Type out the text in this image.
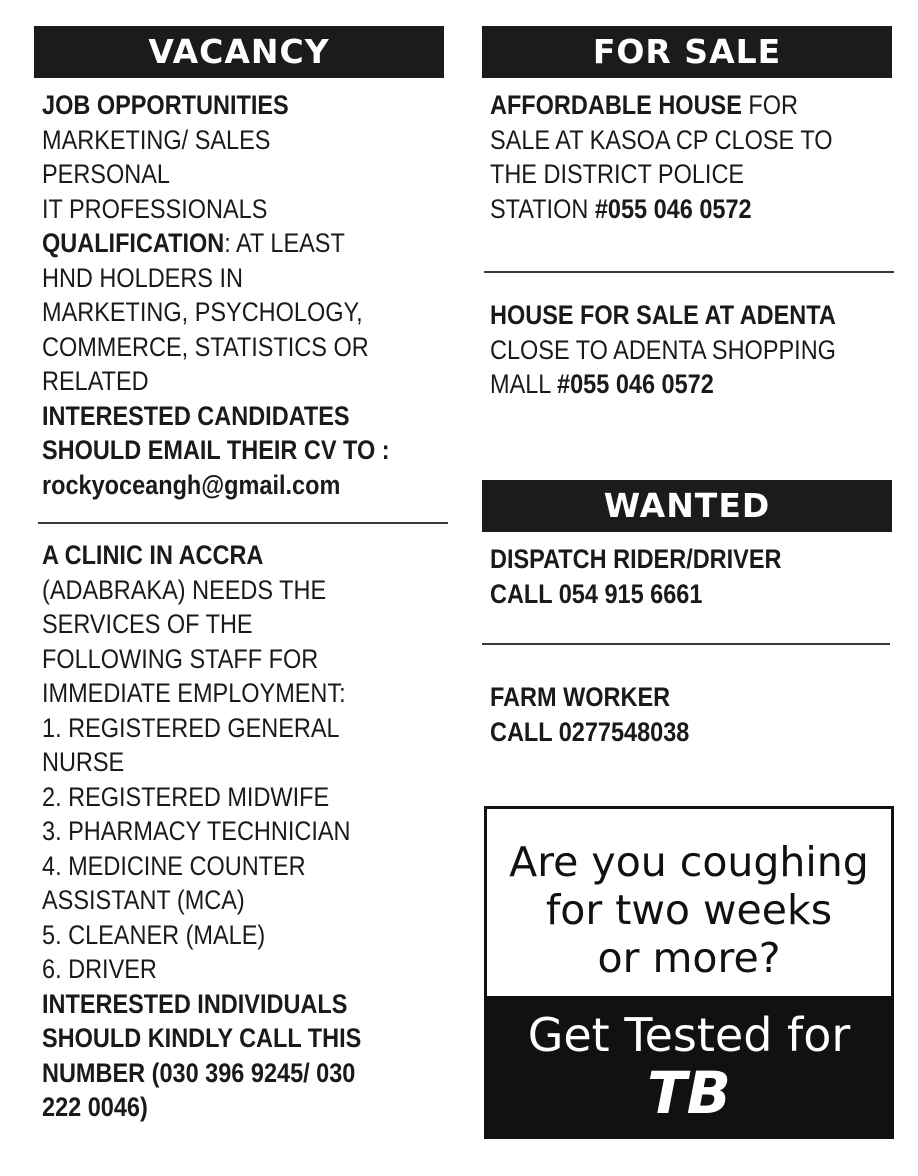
VACANCY
JOB OPPORTUNITIES
MARKETING/ SALES
PERSONAL
IT PROFESSIONALS
QUALIFICATION: AT LEAST
HND HOLDERS IN
MARKETING, PSYCHOLOGY,
COMMERCE, STATISTICS OR
RELATED
INTERESTED CANDIDATES
SHOULD EMAIL THEIR CV TO :
rockyoceangh@gmail.com
A CLINIC IN ACCRA
(ADABRAKA) NEEDS THE
SERVICES OF THE
FOLLOWING STAFF FOR
IMMEDIATE EMPLOYMENT:
1. REGISTERED GENERAL
NURSE
2. REGISTERED MIDWIFE
3. PHARMACY TECHNICIAN
4. MEDICINE COUNTER
ASSISTANT (MCA)
5. CLEANER (MALE)
6. DRIVER
INTERESTED INDIVIDUALS
SHOULD KINDLY CALL THIS
NUMBER (030 396 9245/ 030
222 0046)
FOR SALE
AFFORDABLE HOUSE FOR
SALE AT KASOA CP CLOSE TO
THE DISTRICT POLICE
STATION #055 046 0572
HOUSE FOR SALE AT ADENTA
CLOSE TO ADENTA SHOPPING
MALL #055 046 0572
WANTED
DISPATCH RIDER/DRIVER
CALL 054 915 6661
FARM WORKER
CALL 0277548038
Are you coughing
for two weeks
or more?
Get Tested for
TB
